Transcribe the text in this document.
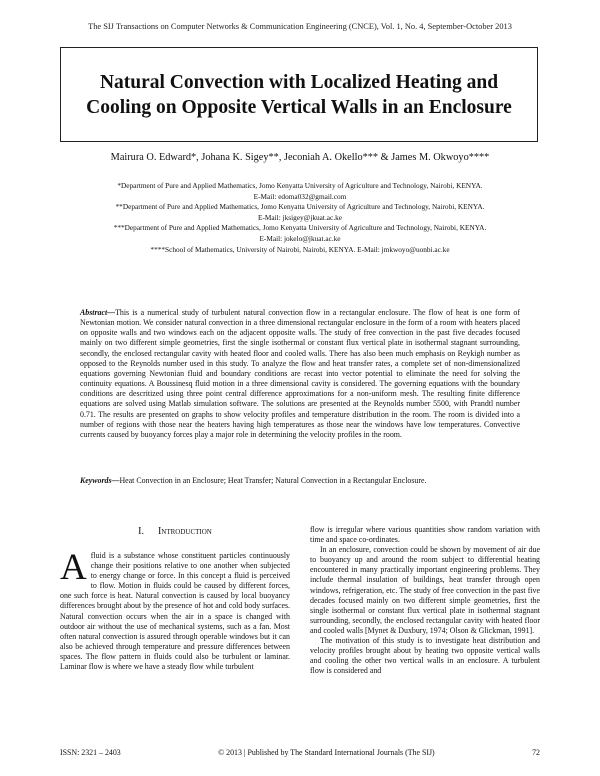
The SIJ Transactions on Computer Networks & Communication Engineering (CNCE), Vol. 1, No. 4, September-October 2013
Natural Convection with Localized Heating and Cooling on Opposite Vertical Walls in an Enclosure
Mairura O. Edward*, Johana K. Sigey**, Jeconiah A. Okello*** & James M. Okwoyo****
*Department of Pure and Applied Mathematics, Jomo Kenyatta University of Agriculture and Technology, Nairobi, KENYA.
E-Mail: edoma032@gmail.com
**Department of Pure and Applied Mathematics, Jomo Kenyatta University of Agriculture and Technology, Nairobi, KENYA.
E-Mail: jksigey@jkuat.ac.ke
***Department of Pure and Applied Mathematics, Jomo Kenyatta University of Agriculture and Technology, Nairobi, KENYA.
E-Mail: jokelo@jkuat.ac.ke
****School of Mathematics, University of Nairobi, Nairobi, KENYA. E-Mail: jmkwoyo@uonbi.ac.ke
Abstract—This is a numerical study of turbulent natural convection flow in a rectangular enclosure. The flow of heat is one form of Newtonian motion. We consider natural convection in a three dimensional rectangular enclosure in the form of a room with heaters placed on opposite walls and two windows each on the adjacent opposite walls. The study of free convection in the past five decades focused mainly on two different simple geometries, first the single isothermal or constant flux vertical plate in isothermal stagnant surrounding, secondly, the enclosed rectangular cavity with heated floor and cooled walls. There has also been much emphasis on Reykigh number as opposed to the Reynolds number used in this study. To analyze the flow and heat transfer rates, a complete set of non-dimensionalized equations governing Newtonian fluid and boundary conditions are recast into vector potential to eliminate the need for solving the continuity equations. A Boussinesq fluid motion in a three dimensional cavity is considered. The governing equations with the boundary conditions are descritized using three point central difference approximations for a non-uniform mesh. The resulting finite difference equations are solved using Matlab simulation software. The solutions are presented at the Reynolds number 5500, with Prandtl number 0.71. The results are presented on graphs to show velocity profiles and temperature distribution in the room. The room is divided into a number of regions with those near the heaters having high temperatures as those near the windows have low temperatures. Convective currents caused by buoyancy forces play a major role in determining the velocity profiles in the room.
Keywords—Heat Convection in an Enclosure; Heat Transfer; Natural Convection in a Rectangular Enclosure.
I. Introduction
A fluid is a substance whose constituent particles continuously change their positions relative to one another when subjected to energy change or force. In this concept a fluid is perceived to flow. Motion in fluids could be caused by different forces, one such force is heat. Natural convection is caused by local buoyancy differences brought about by the presence of hot and cold body surfaces. Natural convection occurs when the air in a space is changed with outdoor air without the use of mechanical systems, such as a fan. Most often natural convection is assured through operable windows but it can also be achieved through temperature and pressure differences between spaces. The flow pattern in fluids could also be turbulent or laminar. Laminar flow is where we have a steady flow while turbulent

flow is irregular where various quantities show random variation with time and space co-ordinates.

In an enclosure, convection could be shown by movement of air due to buoyancy up and around the room subject to differential heating encountered in many practically important engineering problems. They include thermal insulation of buildings, heat transfer through open windows, refrigeration, etc. The study of free convection in the past five decades focused mainly on two different simple geometries, first the single isothermal or constant flux vertical plate in isothermal stagnant surrounding, secondly, the enclosed rectangular cavity with heated floor and cooled walls [Mynet & Duxbury, 1974; Olson & Glickman, 1991].

The motivation of this study is to investigate heat distribution and velocity profiles brought about by heating two opposite vertical walls and cooling the other two vertical walls in an enclosure. A turbulent flow is considered and

ISSN: 2321 – 2403	© 2013 | Published by The Standard International Journals (The SIJ)	72
